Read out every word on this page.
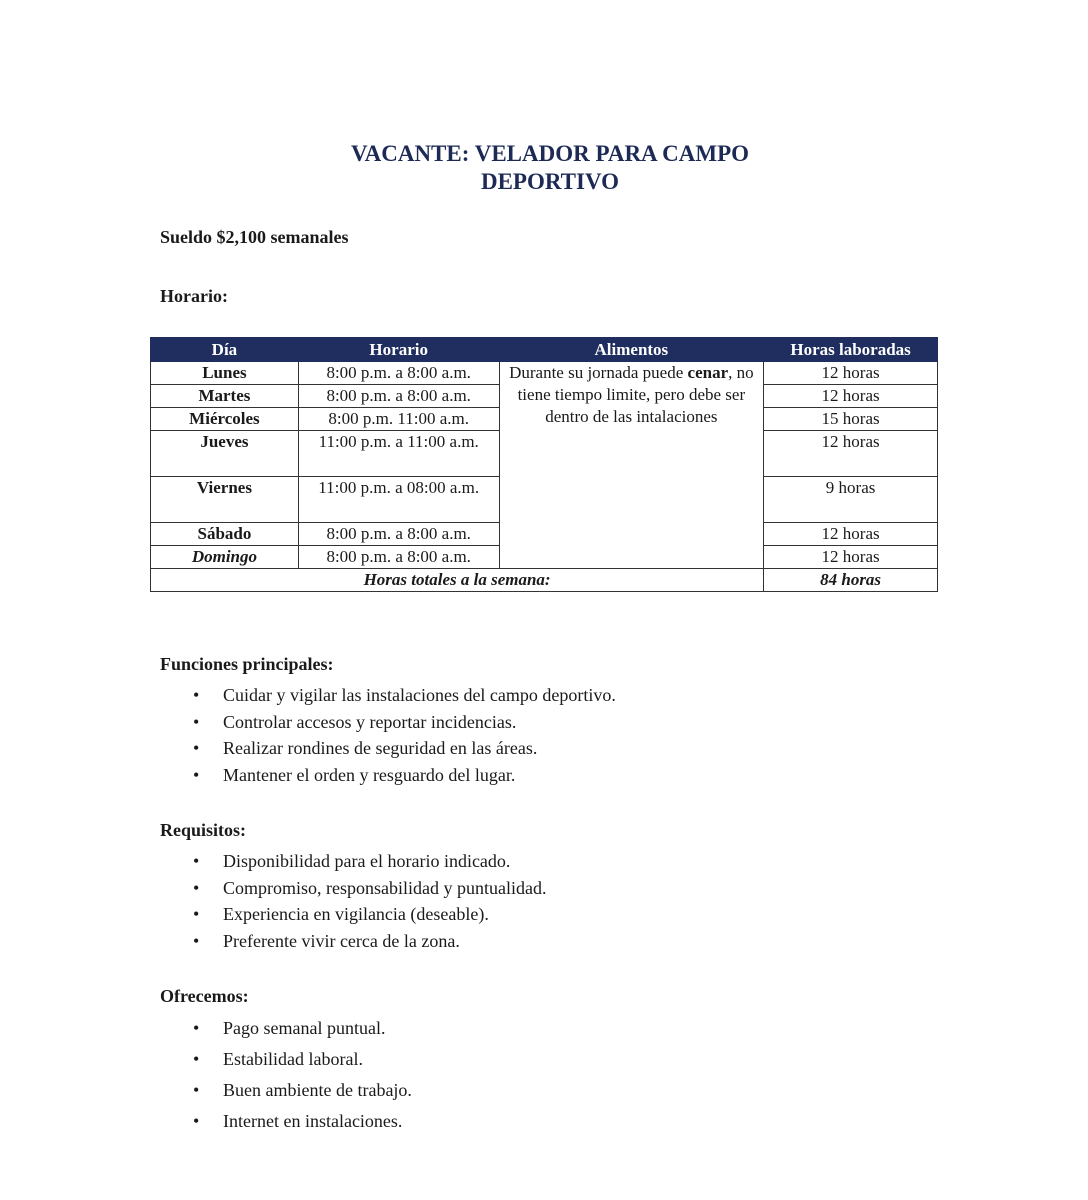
VACANTE: VELADOR PARA CAMPO
DEPORTIVO
Sueldo $2,100 semanales
Horario:
Día	Horario	Alimentos	Horas laboradas
Lunes	8:00 p.m. a 8:00 a.m.	Durante su jornada puede cenar, no tiene tiempo limite, pero debe ser dentro de las intalaciones	12 horas
Martes	8:00 p.m. a 8:00 a.m.		12 horas
Miércoles	8:00 p.m. 11:00 a.m.		15 horas
Jueves	11:00 p.m. a 11:00 a.m.		12 horas
Viernes	11:00 p.m. a 08:00 a.m.		9 horas
Sábado	8:00 p.m. a 8:00 a.m.		12 horas
Domingo	8:00 p.m. a 8:00 a.m.		12 horas
Horas totales a la semana:			84 horas
Funciones principales:
• Cuidar y vigilar las instalaciones del campo deportivo.
• Controlar accesos y reportar incidencias.
• Realizar rondines de seguridad en las áreas.
• Mantener el orden y resguardo del lugar.
Requisitos:
• Disponibilidad para el horario indicado.
• Compromiso, responsabilidad y puntualidad.
• Experiencia en vigilancia (deseable).
• Preferente vivir cerca de la zona.
Ofrecemos:
• Pago semanal puntual.
• Estabilidad laboral.
• Buen ambiente de trabajo.
• Internet en instalaciones.
